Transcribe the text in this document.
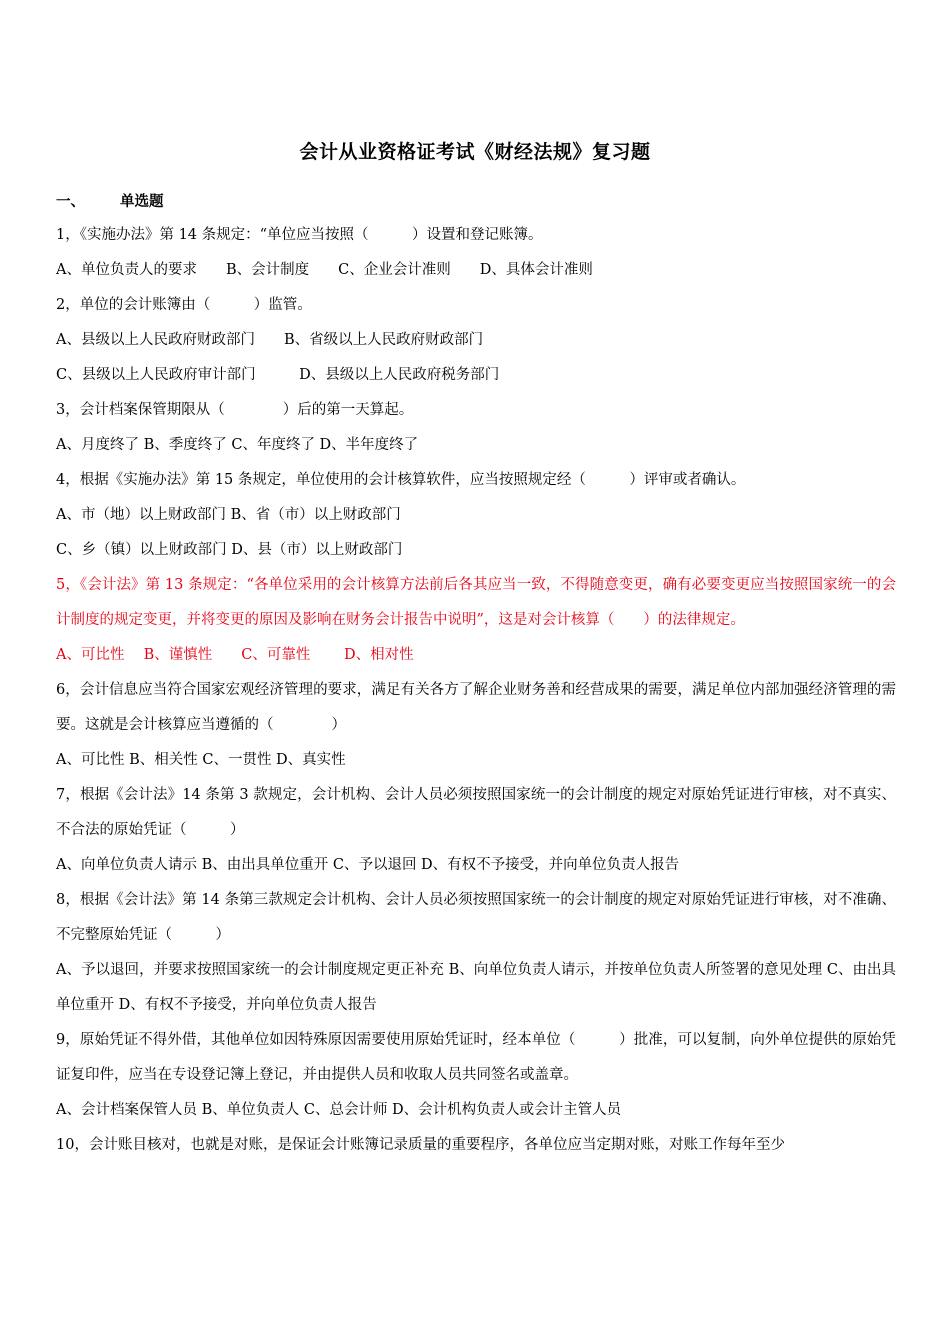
会计从业资格证考试《财经法规》复习题
一、 单选题

1，《实施办法》第 14 条规定：“单位应当按照（　　　）设置和登记账簿。

A、单位负责人的要求　　B、会计制度　　C、企业会计准则　　D、具体会计准则

2，单位的会计账簿由（　　　）监管。

A、县级以上人民政府财政部门　　B、省级以上人民政府财政部门

C、县级以上人民政府审计部门　　　D、县级以上人民政府税务部门

3，会计档案保管期限从（　　　　）后的第一天算起。

A、月度终了 B、季度终了 C、年度终了 D、半年度终了

4，根据《实施办法》第 15 条规定，单位使用的会计核算软件，应当按照规定经（　　　）评审或者确认。

A、市（地）以上财政部门 B、省（市）以上财政部门

C、乡（镇）以上财政部门 D、县（市）以上财政部门

5，《会计法》第 13 条规定：“各单位采用的会计核算方法前后各其应当一致，不得随意变更，确有必要变更应当按照国家统一的会计制度的规定变更，并将变更的原因及影响在财务会计报告中说明”，这是对会计核算（　　）的法律规定。

A、可比性　 B、谨慎性　　C、可靠性　　 D、相对性

6，会计信息应当符合国家宏观经济管理的要求，满足有关各方了解企业财务善和经营成果的需要，满足单位内部加强经济管理的需要。这就是会计核算应当遵循的（　　　　）

A、可比性 B、相关性 C、一贯性 D、真实性

7，根据《会计法》14 条第 3 款规定，会计机构、会计人员必须按照国家统一的会计制度的规定对原始凭证进行审核，对不真实、不合法的原始凭证（　　　）

A、向单位负责人请示 B、由出具单位重开 C、予以退回 D、有权不予接受，并向单位负责人报告

8，根据《会计法》第 14 条第三款规定会计机构、会计人员必须按照国家统一的会计制度的规定对原始凭证进行审核，对不准确、不完整原始凭证（　　　）

A、予以退回，并要求按照国家统一的会计制度规定更正补充 B、向单位负责人请示，并按单位负责人所签署的意见处理 C、由出具单位重开 D、有权不予接受，并向单位负责人报告

9，原始凭证不得外借，其他单位如因特殊原因需要使用原始凭证时，经本单位（　　　）批准，可以复制，向外单位提供的原始凭证复印件，应当在专设登记簿上登记，并由提供人员和收取人员共同签名或盖章。

A、会计档案保管人员 B、单位负责人 C、总会计师 D、会计机构负责人或会计主管人员

10，会计账目核对，也就是对账，是保证会计账簿记录质量的重要程序，各单位应当定期对账，对账工作每年至少
